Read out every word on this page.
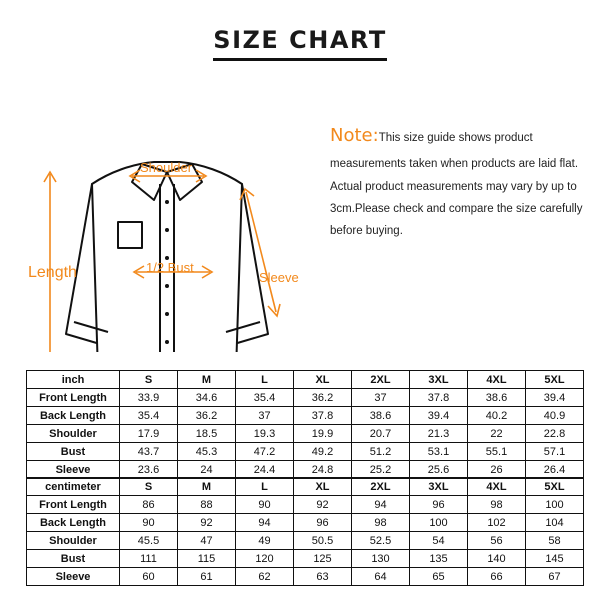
SIZE CHART
Length
Shoulder
1/2 Bust
Sleeve
Note:This size guide shows product measurements taken when products are laid flat. Actual product measurements may vary by up to 3cm.Please check and compare the size carefully before buying.
inch	S	M	L	XL	2XL	3XL	4XL	5XL
Front Length	33.9	34.6	35.4	36.2	37	37.8	38.6	39.4
Back Length	35.4	36.2	37	37.8	38.6	39.4	40.2	40.9
Shoulder	17.9	18.5	19.3	19.9	20.7	21.3	22	22.8
Bust	43.7	45.3	47.2	49.2	51.2	53.1	55.1	57.1
Sleeve	23.6	24	24.4	24.8	25.2	25.6	26	26.4
centimeter	S	M	L	XL	2XL	3XL	4XL	5XL
Front Length	86	88	90	92	94	96	98	100
Back Length	90	92	94	96	98	100	102	104
Shoulder	45.5	47	49	50.5	52.5	54	56	58
Bust	111	115	120	125	130	135	140	145
Sleeve	60	61	62	63	64	65	66	67
